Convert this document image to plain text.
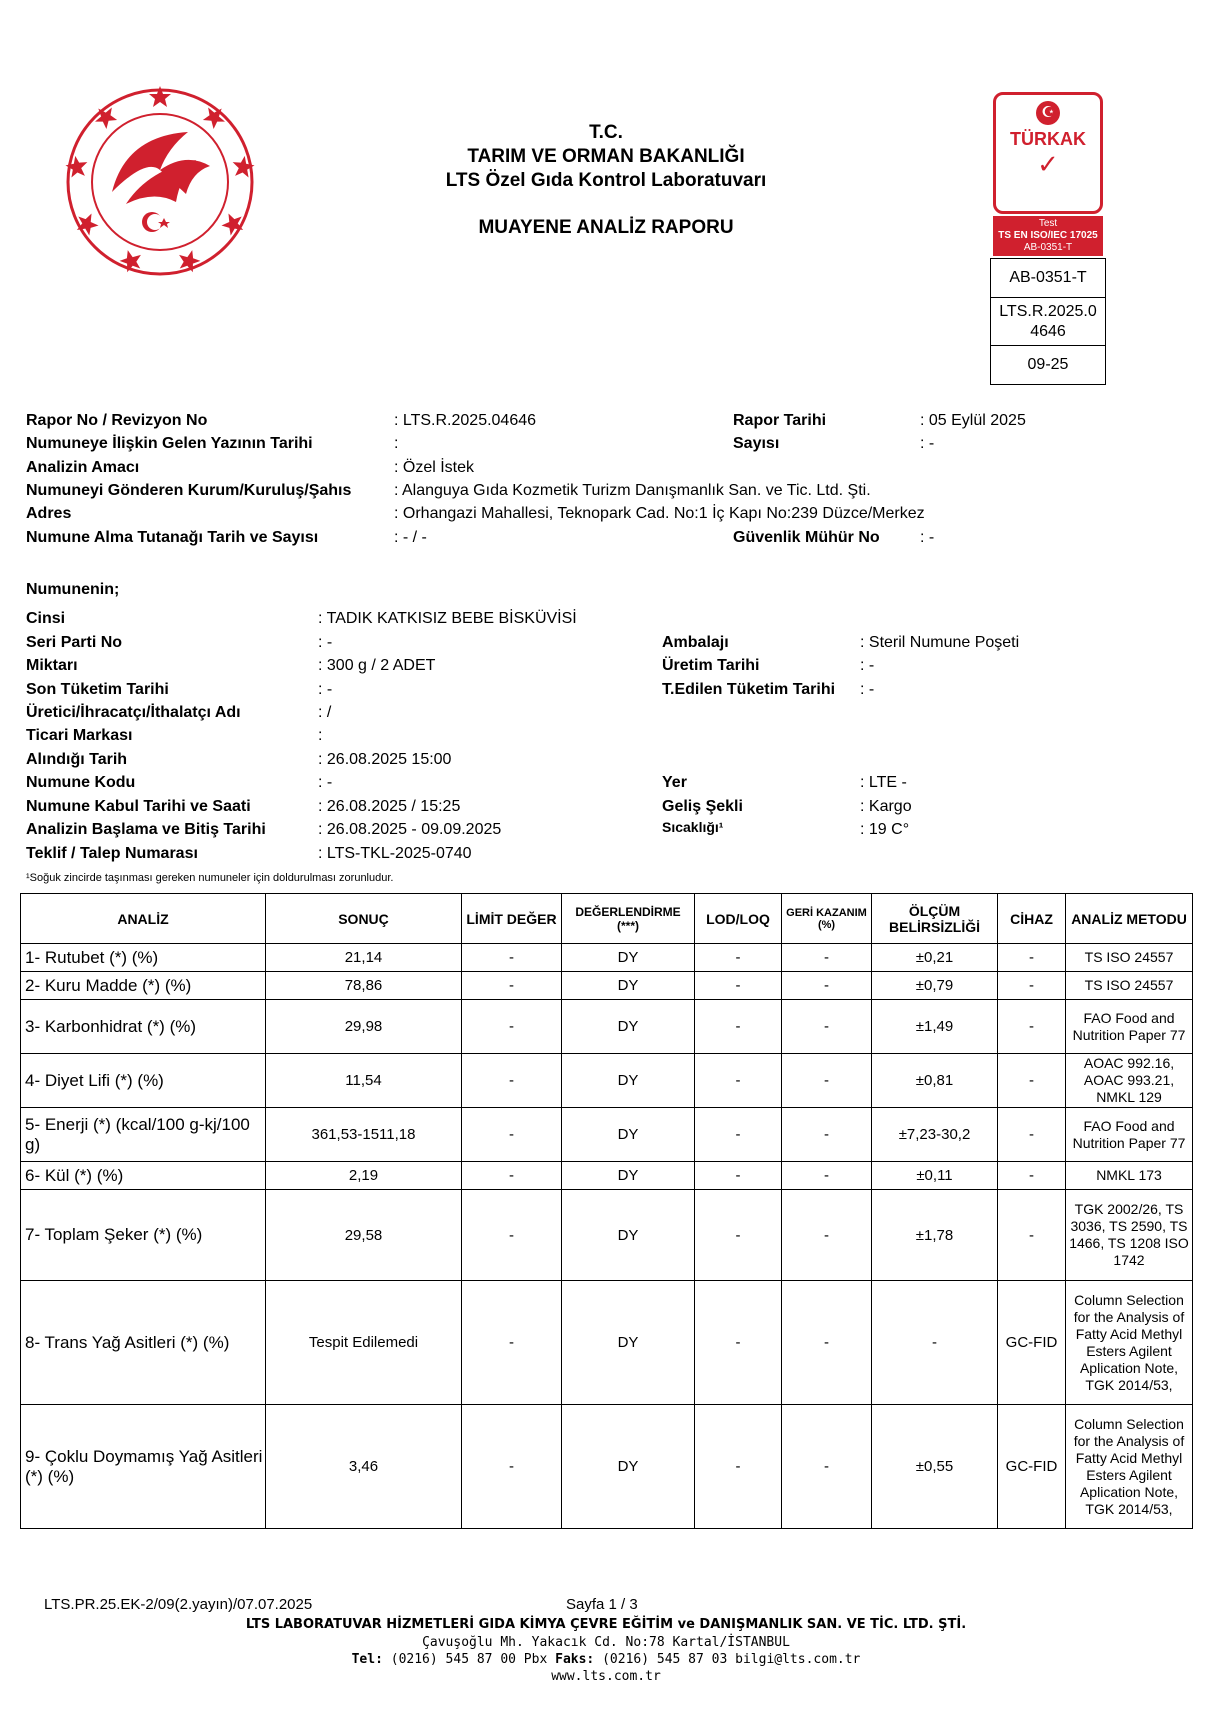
T.C.
TARIM VE ORMAN BAKANLIĞI
LTS Özel Gıda Kontrol Laboratuvarı
MUAYENE ANALİZ RAPORU
☪
TÜRKAK
✓
Test
TS EN ISO/IEC 17025
AB-0351-T
AB-0351-T
LTS.R.2025.0
4646
09-25
Rapor No / Revizyon No	: LTS.R.2025.04646	Rapor Tarihi	: 05 Eylül 2025
Numuneye İlişkin Gelen Yazının Tarihi	:	Sayısı	: -
Analizin Amacı	: Özel İstek
Numuneyi Gönderen Kurum/Kuruluş/Şahıs	: Alanguya Gıda Kozmetik Turizm Danışmanlık San. ve Tic. Ltd. Şti.
Adres	: Orhangazi Mahallesi, Teknopark Cad. No:1 İç Kapı No:239 Düzce/Merkez
Numune Alma Tutanağı Tarih ve Sayısı	: - / -	Güvenlik Mühür No	: -
Numunenin;
Cinsi	: TADIK KATKISIZ BEBE BİSKÜVİSİ
Seri Parti No	: -	Ambalajı	: Steril Numune Poşeti
Miktarı	: 300 g / 2 ADET	Üretim Tarihi	: -
Son Tüketim Tarihi	: -	T.Edilen Tüketim Tarihi : -
Üretici/İhracatçı/İthalatçı Adı	: /
Ticari Markası	:
Alındığı Tarih	: 26.08.2025 15:00
Numune Kodu	: -	Yer	: LTE -
Numune Kabul Tarihi ve Saati	: 26.08.2025 / 15:25	Geliş Şekli	: Kargo
Analizin Başlama ve Bitiş Tarihi	: 26.08.2025 - 09.09.2025	Sıcaklığı¹	: 19 C°
Teklif / Talep Numarası	: LTS-TKL-2025-0740
¹Soğuk zincirde taşınması gereken numuneler için doldurulması zorunludur.
ANALİZ	SONUÇ	LİMİT DEĞER	DEĞERLENDİRME (***)	LOD/LOQ	GERİ KAZANIM (%)	ÖLÇÜM BELİRSİZLİĞİ	CİHAZ	ANALİZ METODU
1- Rutubet (*) (%)	21,14	-	DY	-	-	±0,21	-	TS ISO 24557
2- Kuru Madde (*) (%)	78,86	-	DY	-	-	±0,79	-	TS ISO 24557
3- Karbonhidrat (*) (%)	29,98	-	DY	-	-	±1,49	-	FAO Food and Nutrition Paper 77
4- Diyet Lifi (*) (%)	11,54	-	DY	-	-	±0,81	-	AOAC 992.16, AOAC 993.21, NMKL 129
5- Enerji (*) (kcal/100 g-kj/100 g)	361,53-1511,18	-	DY	-	-	±7,23-30,2	-	FAO Food and Nutrition Paper 77
6- Kül (*) (%)	2,19	-	DY	-	-	±0,11	-	NMKL 173
7- Toplam Şeker (*) (%)	29,58	-	DY	-	-	±1,78	-	TGK 2002/26, TS 3036, TS 2590, TS 1466, TS 1208 ISO 1742
8- Trans Yağ Asitleri (*) (%)	Tespit Edilemedi	-	DY	-	-	-	GC-FID	Column Selection for the Analysis of Fatty Acid Methyl Esters Agilent Aplication Note, TGK 2014/53,
9- Çoklu Doymamış Yağ Asitleri (*) (%)	3,46	-	DY	-	-	±0,55	GC-FID	Column Selection for the Analysis of Fatty Acid Methyl Esters Agilent Aplication Note, TGK 2014/53,
LTS.PR.25.EK-2/09(2.yayın)/07.07.2025	Sayfa 1 / 3
LTS LABORATUVAR HİZMETLERİ GIDA KİMYA ÇEVRE EĞİTİM ve DANIŞMANLIK SAN. VE TİC. LTD. ŞTİ.
Çavuşoğlu Mh. Yakacık Cd. No:78 Kartal/İSTANBUL
Tel: (0216) 545 87 00 Pbx Faks: (0216) 545 87 03 bilgi@lts.com.tr
www.lts.com.tr
